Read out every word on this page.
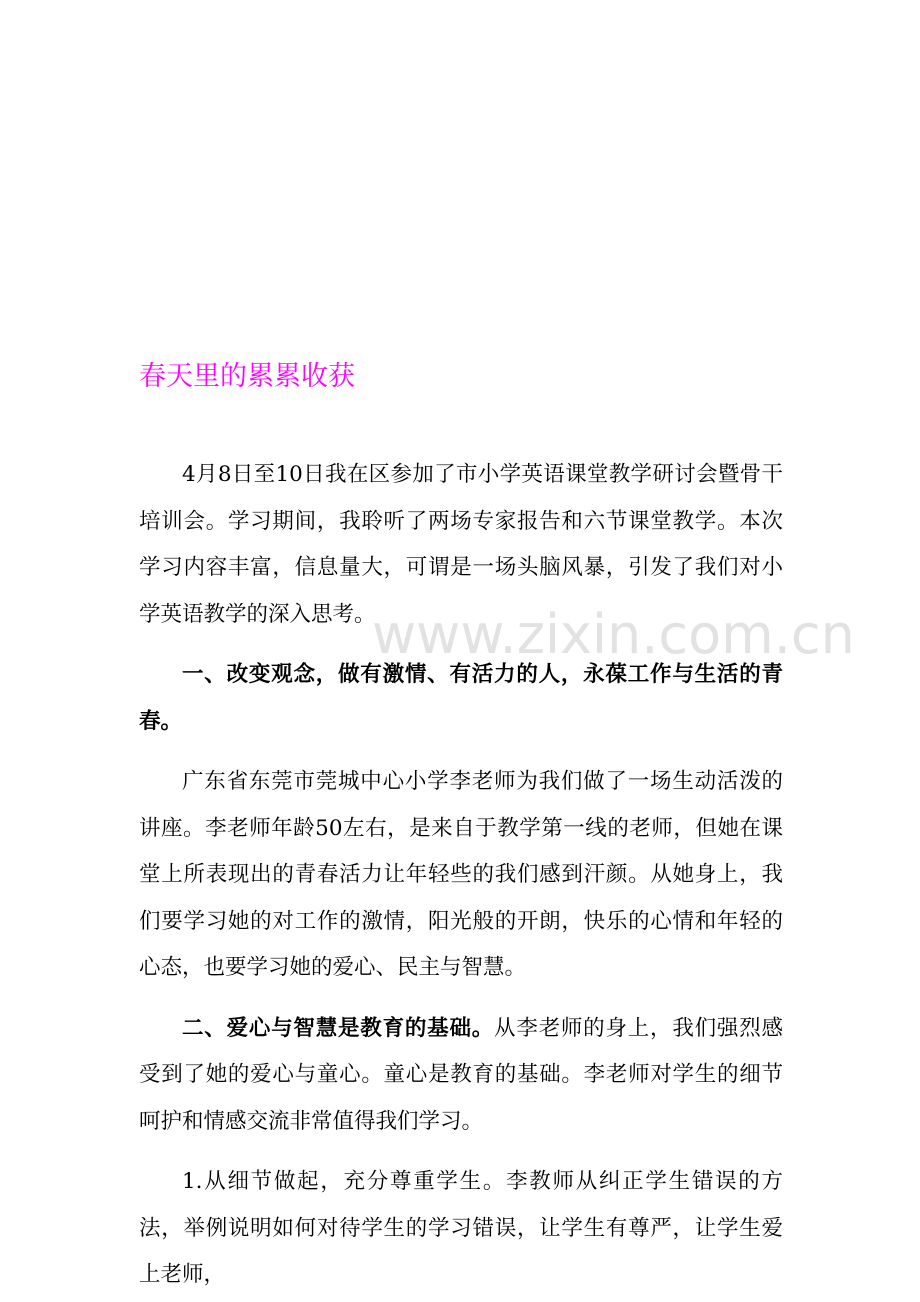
www.zixin.com.cn
春天里的累累收获

4月8日至10日我在区参加了市小学英语课堂教学研讨会暨骨干培训会。学习期间，我聆听了两场专家报告和六节课堂教学。本次学习内容丰富，信息量大，可谓是一场头脑风暴，引发了我们对小学英语教学的深入思考。

一、改变观念，做有激情、有活力的人，永葆工作与生活的青春。

广东省东莞市莞城中心小学李老师为我们做了一场生动活泼的讲座。李老师年龄50左右，是来自于教学第一线的老师，但她在课堂上所表现出的青春活力让年轻些的我们感到汗颜。从她身上，我们要学习她的对工作的激情，阳光般的开朗，快乐的心情和年轻的心态，也要学习她的爱心、民主与智慧。

二、爱心与智慧是教育的基础。从李老师的身上，我们强烈感受到了她的爱心与童心。童心是教育的基础。李老师对学生的细节呵护和情感交流非常值得我们学习。

1.从细节做起，充分尊重学生。李教师从纠正学生错误的方法，举例说明如何对待学生的学习错误，让学生有尊严，让学生爱上老师，
